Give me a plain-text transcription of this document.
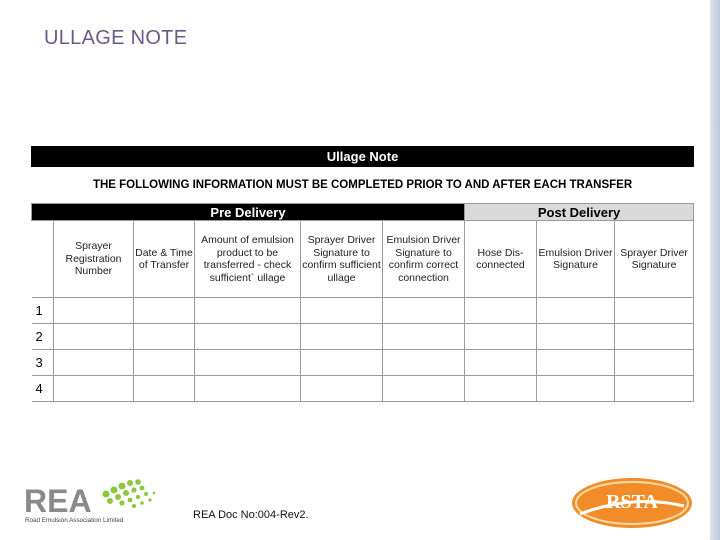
ULLAGE NOTE
Ullage Note								
THE FOLLOWING INFORMATION MUST BE COMPLETED PRIOR TO AND AFTER EACH TRANSFER								
Pre Delivery						Post Delivery		
	Sprayer Registration Number	Date & Time of Transfer	Amount of emulsion product to be transferred - check sufficient` ullage	Sprayer Driver Signature to confirm sufficient ullage	Emulsion Driver Signature to confirm correct connection	Hose Dis-connected	Emulsion Driver Signature	Sprayer Driver Signature
1								
2								
3								
4								
REA
Road Emulsion Association Limited	REA Doc No:004-Rev2.
RSTA
